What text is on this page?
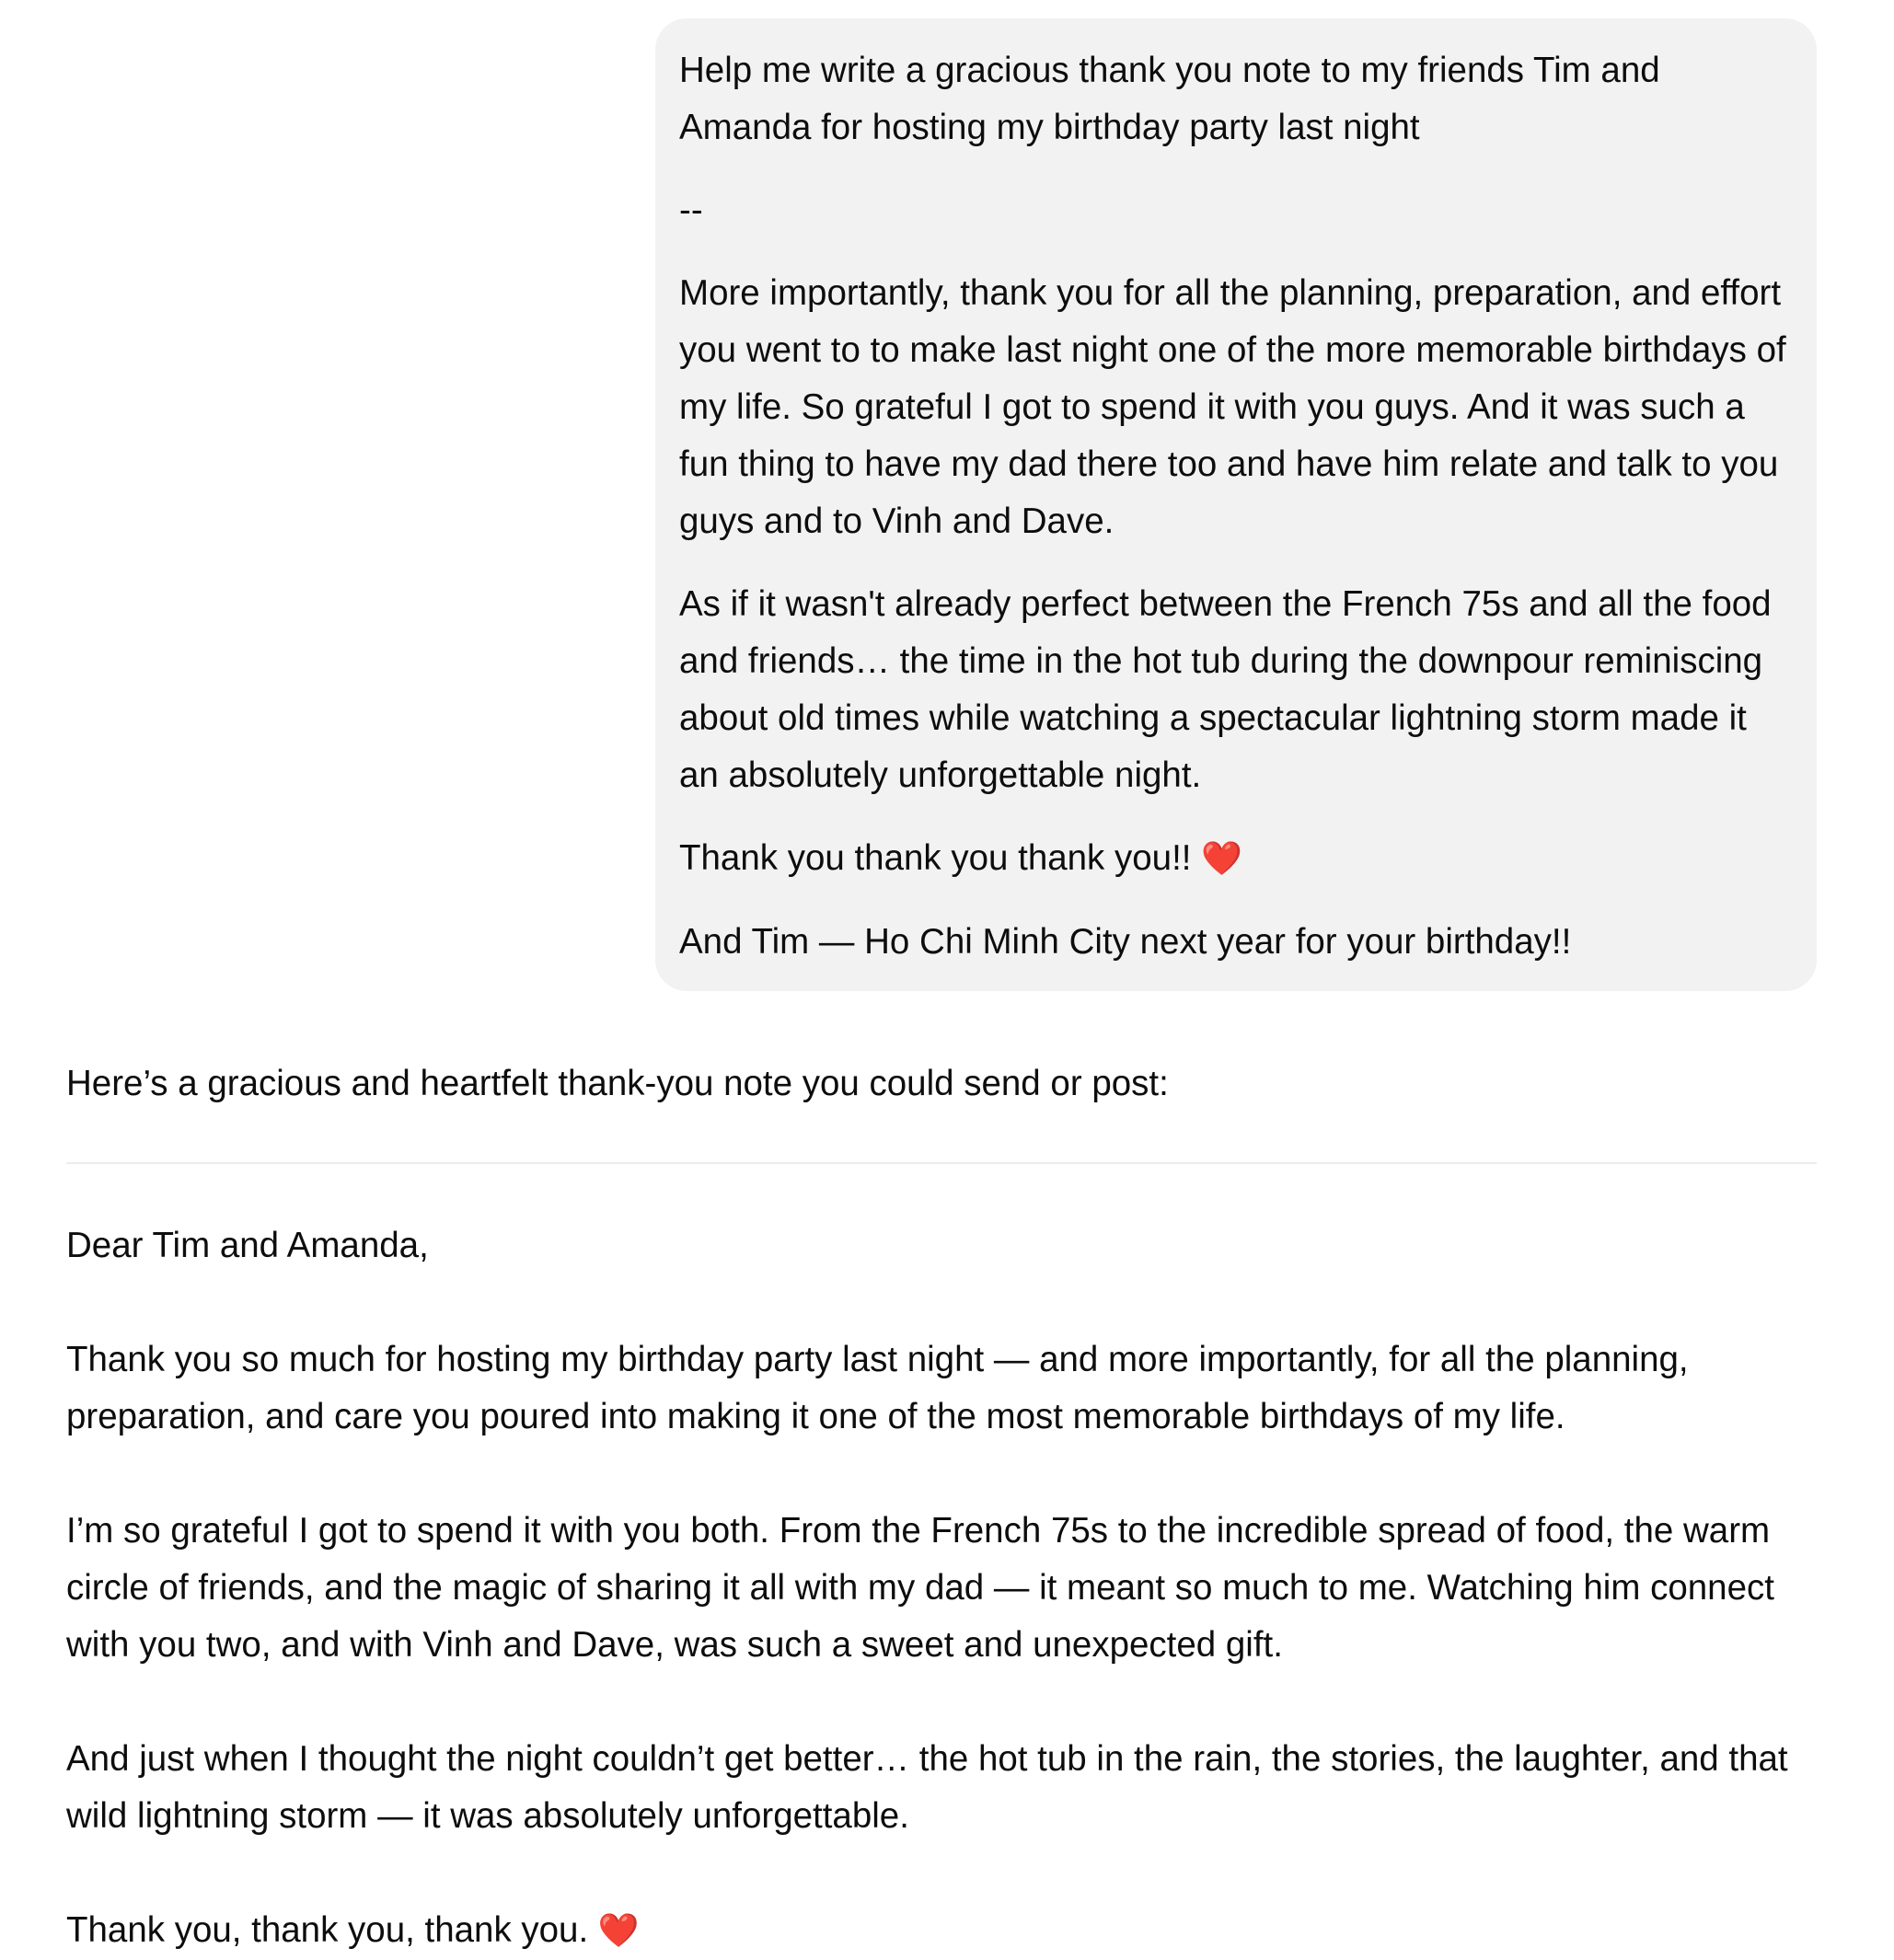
Help me write a gracious thank you note to my friends Tim and Amanda for hosting my birthday party last night

--

More importantly, thank you for all the planning, preparation, and effort you went to to make last night one of the more memorable birthdays of my life. So grateful I got to spend it with you guys. And it was such a fun thing to have my dad there too and have him relate and talk to you guys and to Vinh and Dave.

As if it wasn't already perfect between the French 75s and all the food and friends… the time in the hot tub during the downpour reminiscing about old times while watching a spectacular lightning storm made it an absolutely unforgettable night.

Thank you thank you thank you!! ❤️

And Tim — Ho Chi Minh City next year for your birthday!!

Here’s a gracious and heartfelt thank-you note you could send or post:

Dear Tim and Amanda,

Thank you so much for hosting my birthday party last night — and more importantly, for all the planning, preparation, and care you poured into making it one of the most memorable birthdays of my life.

I’m so grateful I got to spend it with you both. From the French 75s to the incredible spread of food, the warm circle of friends, and the magic of sharing it all with my dad — it meant so much to me. Watching him connect with you two, and with Vinh and Dave, was such a sweet and unexpected gift.

And just when I thought the night couldn’t get better… the hot tub in the rain, the stories, the laughter, and that wild lightning storm — it was absolutely unforgettable.

Thank you, thank you, thank you. ❤️
